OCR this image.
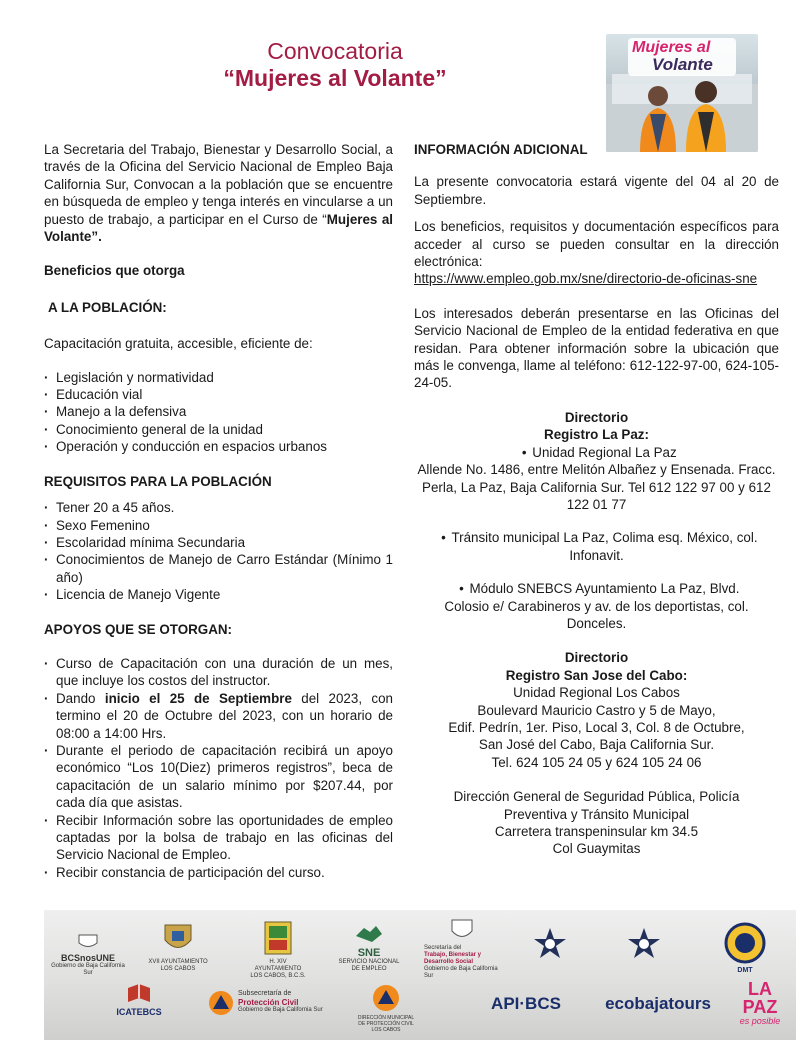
Convocatoria
“Mujeres al Volante”
Mujeres al
Volante

La Secretaria del Trabajo, Bienestar y Desarrollo Social, a través de la Oficina del Servicio Nacional de Empleo Baja California Sur, Convocan a la población que se encuentre en búsqueda de empleo y tenga interés en vincularse a un puesto de trabajo, a participar en el Curso de “Mujeres al Volante”.

Beneficios que otorga

A LA POBLACIÓN:

Capacitación gratuita, accesible, eficiente de:

· Legislación y normatividad
· Educación vial
· Manejo a la defensiva
· Conocimiento general de la unidad
· Operación y conducción en espacios urbanos

REQUISITOS PARA LA POBLACIÓN

· Tener 20 a 45 años.
· Sexo Femenino
· Escolaridad mínima Secundaria
· Conocimientos de Manejo de Carro Estándar (Mínimo 1 año)
· Licencia de Manejo Vigente

APOYOS QUE SE OTORGAN:

· Curso de Capacitación con una duración de un mes, que incluye los costos del instructor.
· Dando inicio el 25 de Septiembre del 2023, con termino el 20 de Octubre del 2023, con un horario de 08:00 a 14:00 Hrs.
· Durante el periodo de capacitación recibirá un apoyo económico “Los 10(Diez) primeros registros”, beca de capacitación de un salario mínimo por $207.44, por cada día que asistas.
· Recibir Información sobre las oportunidades de empleo captadas por la bolsa de trabajo en las oficinas del Servicio Nacional de Empleo.
· Recibir constancia de participación del curso.

INFORMACIÓN ADICIONAL

La presente convocatoria estará vigente del 04 al 20 de Septiembre.

Los beneficios, requisitos y documentación específicos para acceder al curso se pueden consultar en la dirección electrónica:

https://www.empleo.gob.mx/sne/directorio-de-oficinas-sne

Los interesados deberán presentarse en las Oficinas del Servicio Nacional de Empleo de la entidad federativa en que residan. Para obtener información sobre la ubicación que más le convenga, llame al teléfono: 612-122-97-00, 624-105-24-05.

Directorio

Registro La Paz:

• Unidad Regional La Paz

Allende No. 1486, entre Melitón Albañez y Ensenada. Fracc. Perla, La Paz, Baja California Sur. Tel 612 122 97 00 y 612 122 01 77

• Tránsito municipal La Paz, Colima esq. México, col. Infonavit.

• Módulo SNEBCS Ayuntamiento La Paz, Blvd. Colosio e/ Carabineros y av. de los deportistas, col. Donceles.

Directorio

Registro San Jose del Cabo:

Unidad Regional Los Cabos

Boulevard Mauricio Castro y 5 de Mayo,

Edif. Pedrín, 1er. Piso, Local 3, Col. 8 de Octubre,

San José del Cabo, Baja California Sur.

Tel. 624 105 24 05 y 624 105 24 06

Dirección General de Seguridad Pública, Policía Preventiva y Tránsito Municipal

Carretera transpeninsular km 34.5

Col Guaymitas

BCSnosUNE
Gobierno de Baja California Sur
XVII AYUNTAMIENTO LOS CABOS
H. XIV AYUNTAMIENTO LOS CABOS, B.C.S.
SNE
SERVICIO NACIONAL DE EMPLEO
Secretaría del
Trabajo, Bienestar y
Desarrollo Social
Gobierno de Baja California Sur
DMT
ICATEBCS
Subsecretaría de
Protección Civil
Gobierno de Baja California Sur
DIRECCIÓN MUNICIPAL DE PROTECCIÓN CIVIL LOS CABOS
API·BCS	ecobajatours
LA PAZ
es posible
